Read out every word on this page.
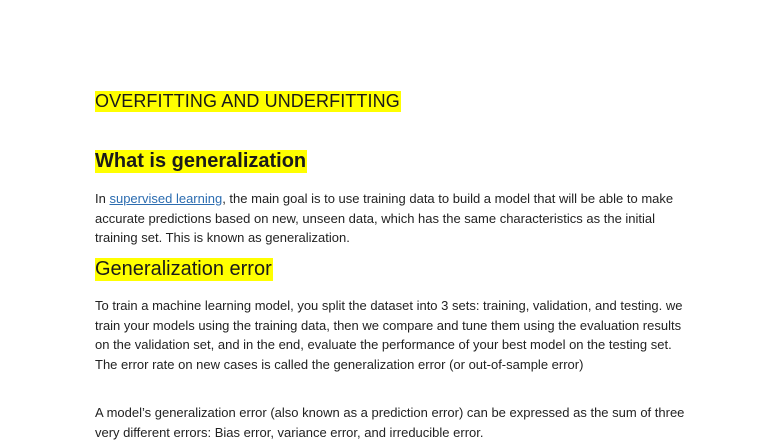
OVERFITTING AND UNDERFITTING
What is generalization

In supervised learning, the main goal is to use training data to build a model that will be able to make accurate predictions based on new, unseen data, which has the same characteristics as the initial training set. This is known as generalization.

Generalization error

To train a machine learning model, you split the dataset into 3 sets: training, validation, and testing. we train your models using the training data, then we compare and tune them using the evaluation results on the validation set, and in the end, evaluate the performance of your best model on the testing set. The error rate on new cases is called the generalization error (or out-of-sample error)

A model’s generalization error (also known as a prediction error) can be expressed as the sum of three very different errors: Bias error, variance error, and irreducible error.
